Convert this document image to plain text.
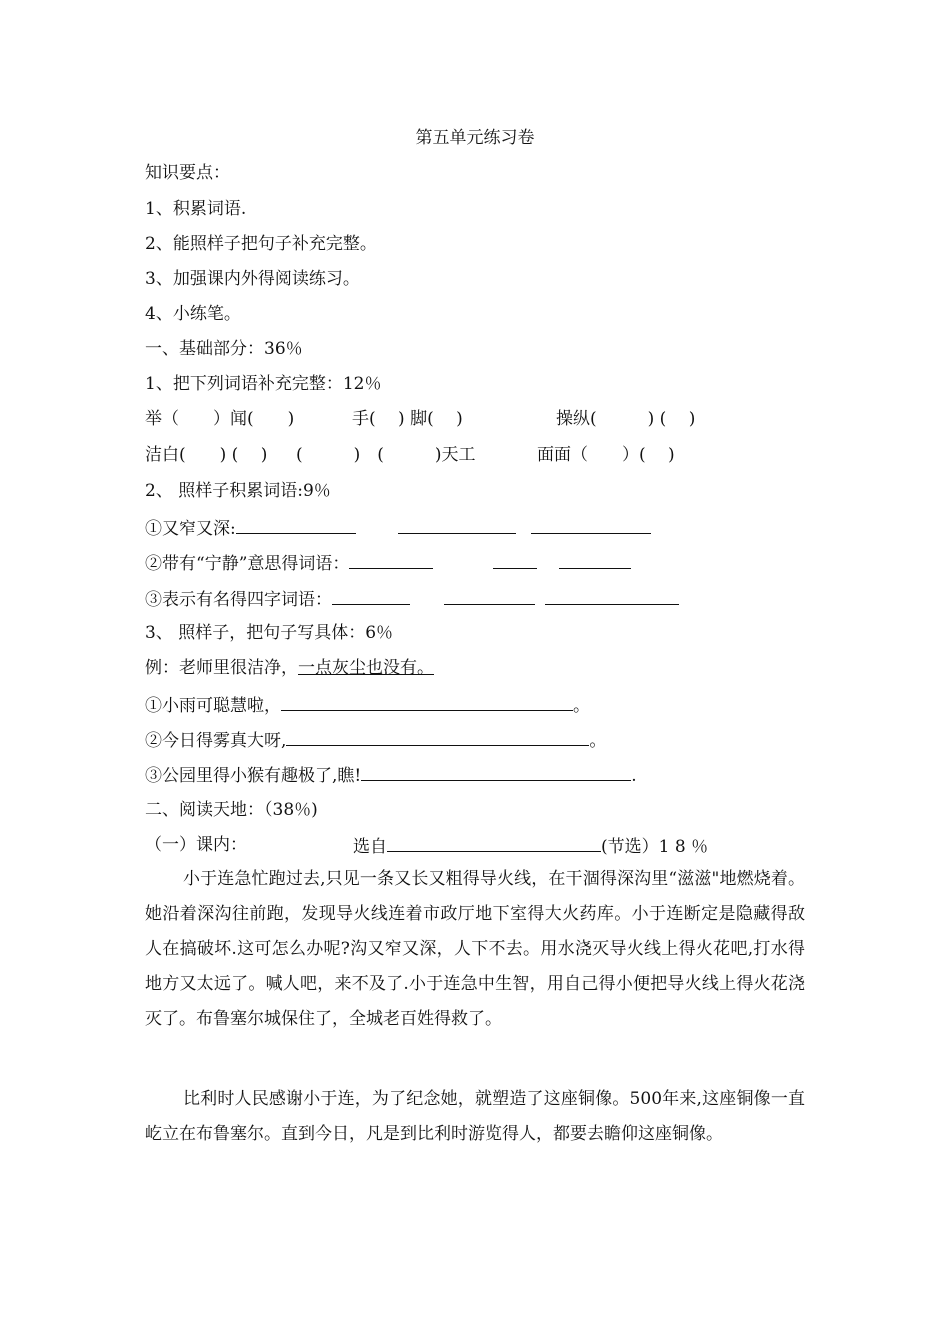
第五单元练习卷
知识要点：
1、积累词语.
2、能照样子把句子补充完整。
3、加强课内外得阅读练习。
4、小练笔。
一、基础部分：36％
1、把下列词语补充完整：12％
举（　　）闻(　　)	手(　 ) 脚(　 )	操纵(　　　) (　 )
洁白(　　) (　 ) (　　　)　(　　　)天工	面面（　　）(　 )
2、 照样子积累词语:9％
①又窄又深:
②带有“宁静”意思得词语：
③表示有名得四字词语：
3、 照样子，把句子写具体：6％
例：老师里很洁净，一点灰尘也没有。
①小雨可聪慧啦，	。
②今日得雾真大呀,	。
③公园里得小猴有趣极了,瞧!	.
二、阅读天地：（38％)
（一）课内：	选自	(节选）1 8 ％

小于连急忙跑过去,只见一条又长又粗得导火线，在干涸得深沟里“滋滋"地燃烧着。她沿着深沟往前跑，发现导火线连着市政厅地下室得大火药库。小于连断定是隐藏得敌人在搞破坏.这可怎么办呢?沟又窄又深，人下不去。用水浇灭导火线上得火花吧,打水得地方又太远了。喊人吧，来不及了.小于连急中生智，用自己得小便把导火线上得火花浇灭了。布鲁塞尔城保住了，全城老百姓得救了。

比利时人民感谢小于连，为了纪念她，就塑造了这座铜像。500年来,这座铜像一直屹立在布鲁塞尔。直到今日，凡是到比利时游览得人，都要去瞻仰这座铜像。
